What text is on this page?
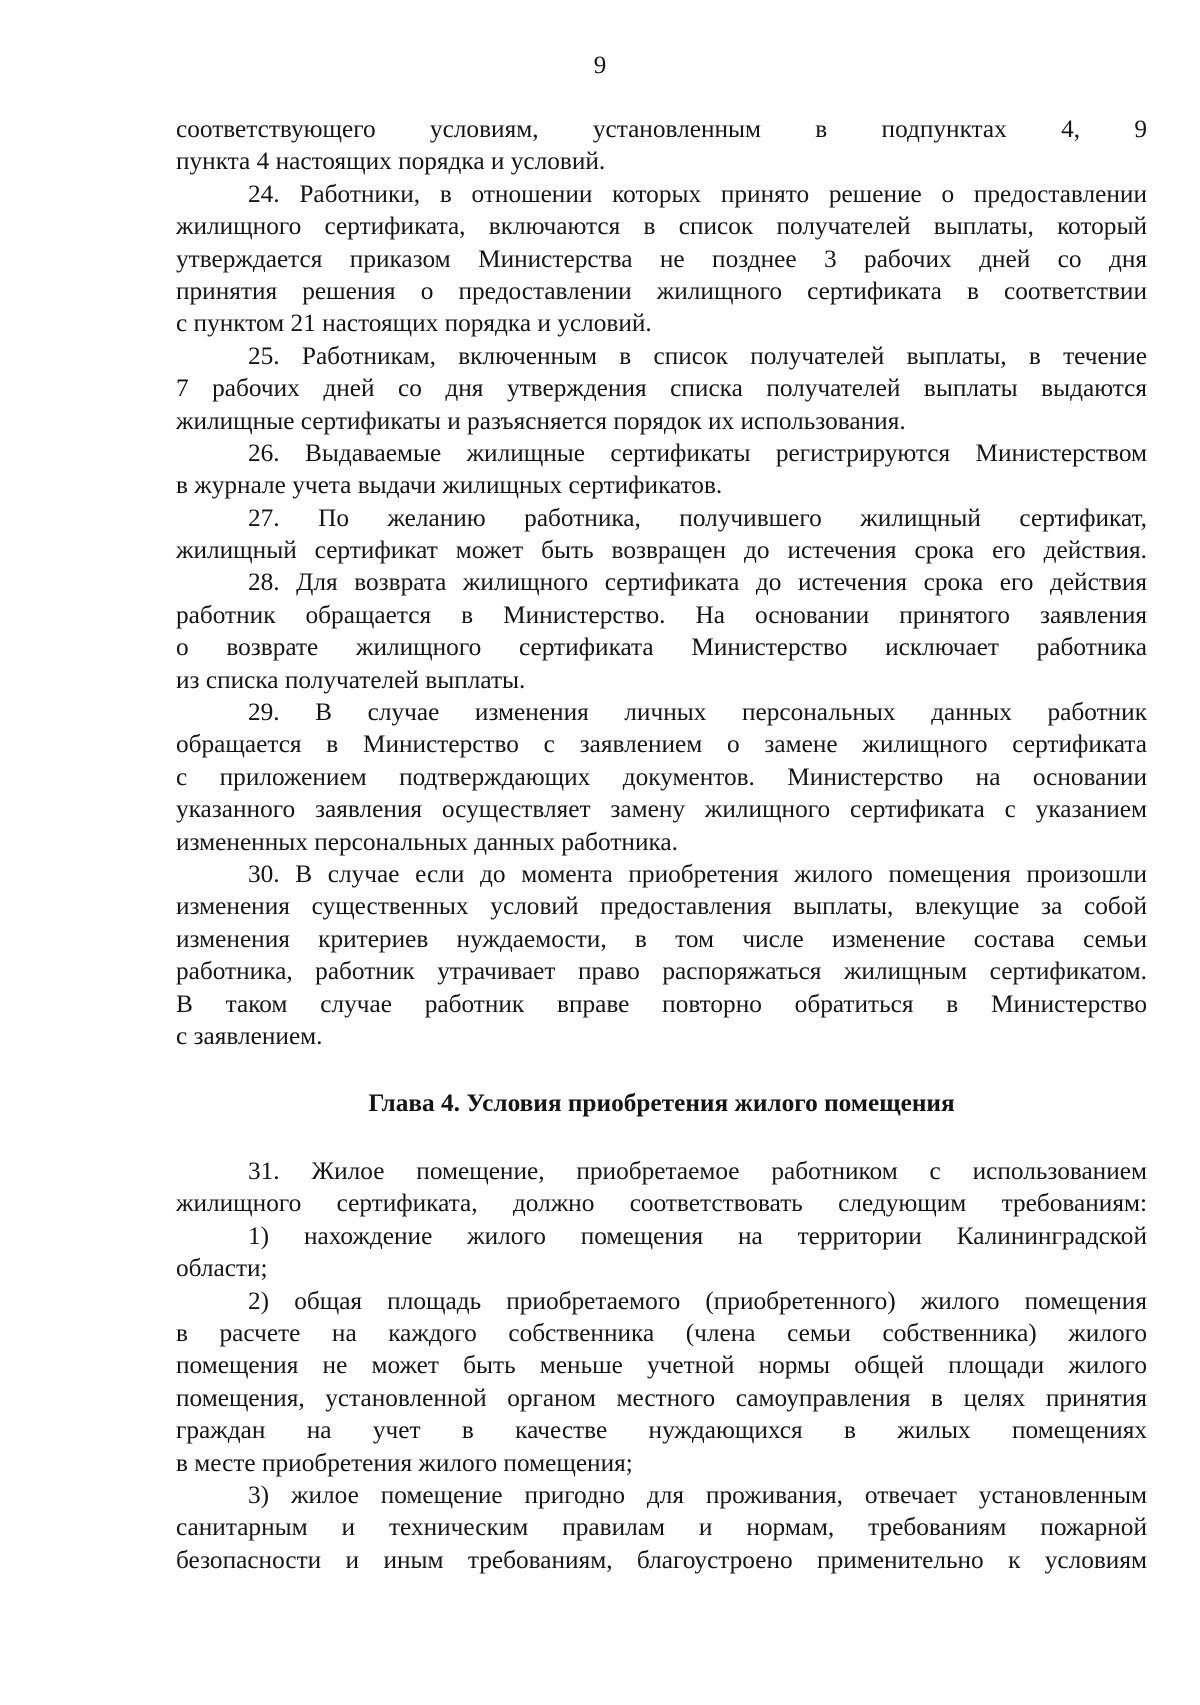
9
соответствующего условиям, установленным в подпунктах 4, 9
пункта 4 настоящих порядка и условий.
24. Работники, в отношении которых принято решение о предоставлении
жилищного сертификата, включаются в список получателей выплаты, который
утверждается приказом Министерства не позднее 3 рабочих дней со дня
принятия решения о предоставлении жилищного сертификата в соответствии
с пунктом 21 настоящих порядка и условий.
25. Работникам, включенным в список получателей выплаты, в течение
7 рабочих дней со дня утверждения списка получателей выплаты выдаются
жилищные сертификаты и разъясняется порядок их использования.
26. Выдаваемые жилищные сертификаты регистрируются Министерством
в журнале учета выдачи жилищных сертификатов.
27. По желанию работника, получившего жилищный сертификат,
жилищный сертификат может быть возвращен до истечения срока его действия.
28. Для возврата жилищного сертификата до истечения срока его действия
работник обращается в Министерство. На основании принятого заявления
о возврате жилищного сертификата Министерство исключает работника
из списка получателей выплаты.
29. В случае изменения личных персональных данных работник
обращается в Министерство с заявлением о замене жилищного сертификата
с приложением подтверждающих документов. Министерство на основании
указанного заявления осуществляет замену жилищного сертификата с указанием
измененных персональных данных работника.
30. В случае если до момента приобретения жилого помещения произошли
изменения существенных условий предоставления выплаты, влекущие за собой
изменения критериев нуждаемости, в том числе изменение состава семьи
работника, работник утрачивает право распоряжаться жилищным сертификатом.
В таком случае работник вправе повторно обратиться в Министерство
с заявлением.
Глава 4. Условия приобретения жилого помещения
31. Жилое помещение, приобретаемое работником с использованием
жилищного сертификата, должно соответствовать следующим требованиям:
1) нахождение жилого помещения на территории Калининградской
области;
2) общая площадь приобретаемого (приобретенного) жилого помещения
в расчете на каждого собственника (члена семьи собственника) жилого
помещения не может быть меньше учетной нормы общей площади жилого
помещения, установленной органом местного самоуправления в целях принятия
граждан на учет в качестве нуждающихся в жилых помещениях
в месте приобретения жилого помещения;
3) жилое помещение пригодно для проживания, отвечает установленным
санитарным и техническим правилам и нормам, требованиям пожарной
безопасности и иным требованиям, благоустроено применительно к условиям
